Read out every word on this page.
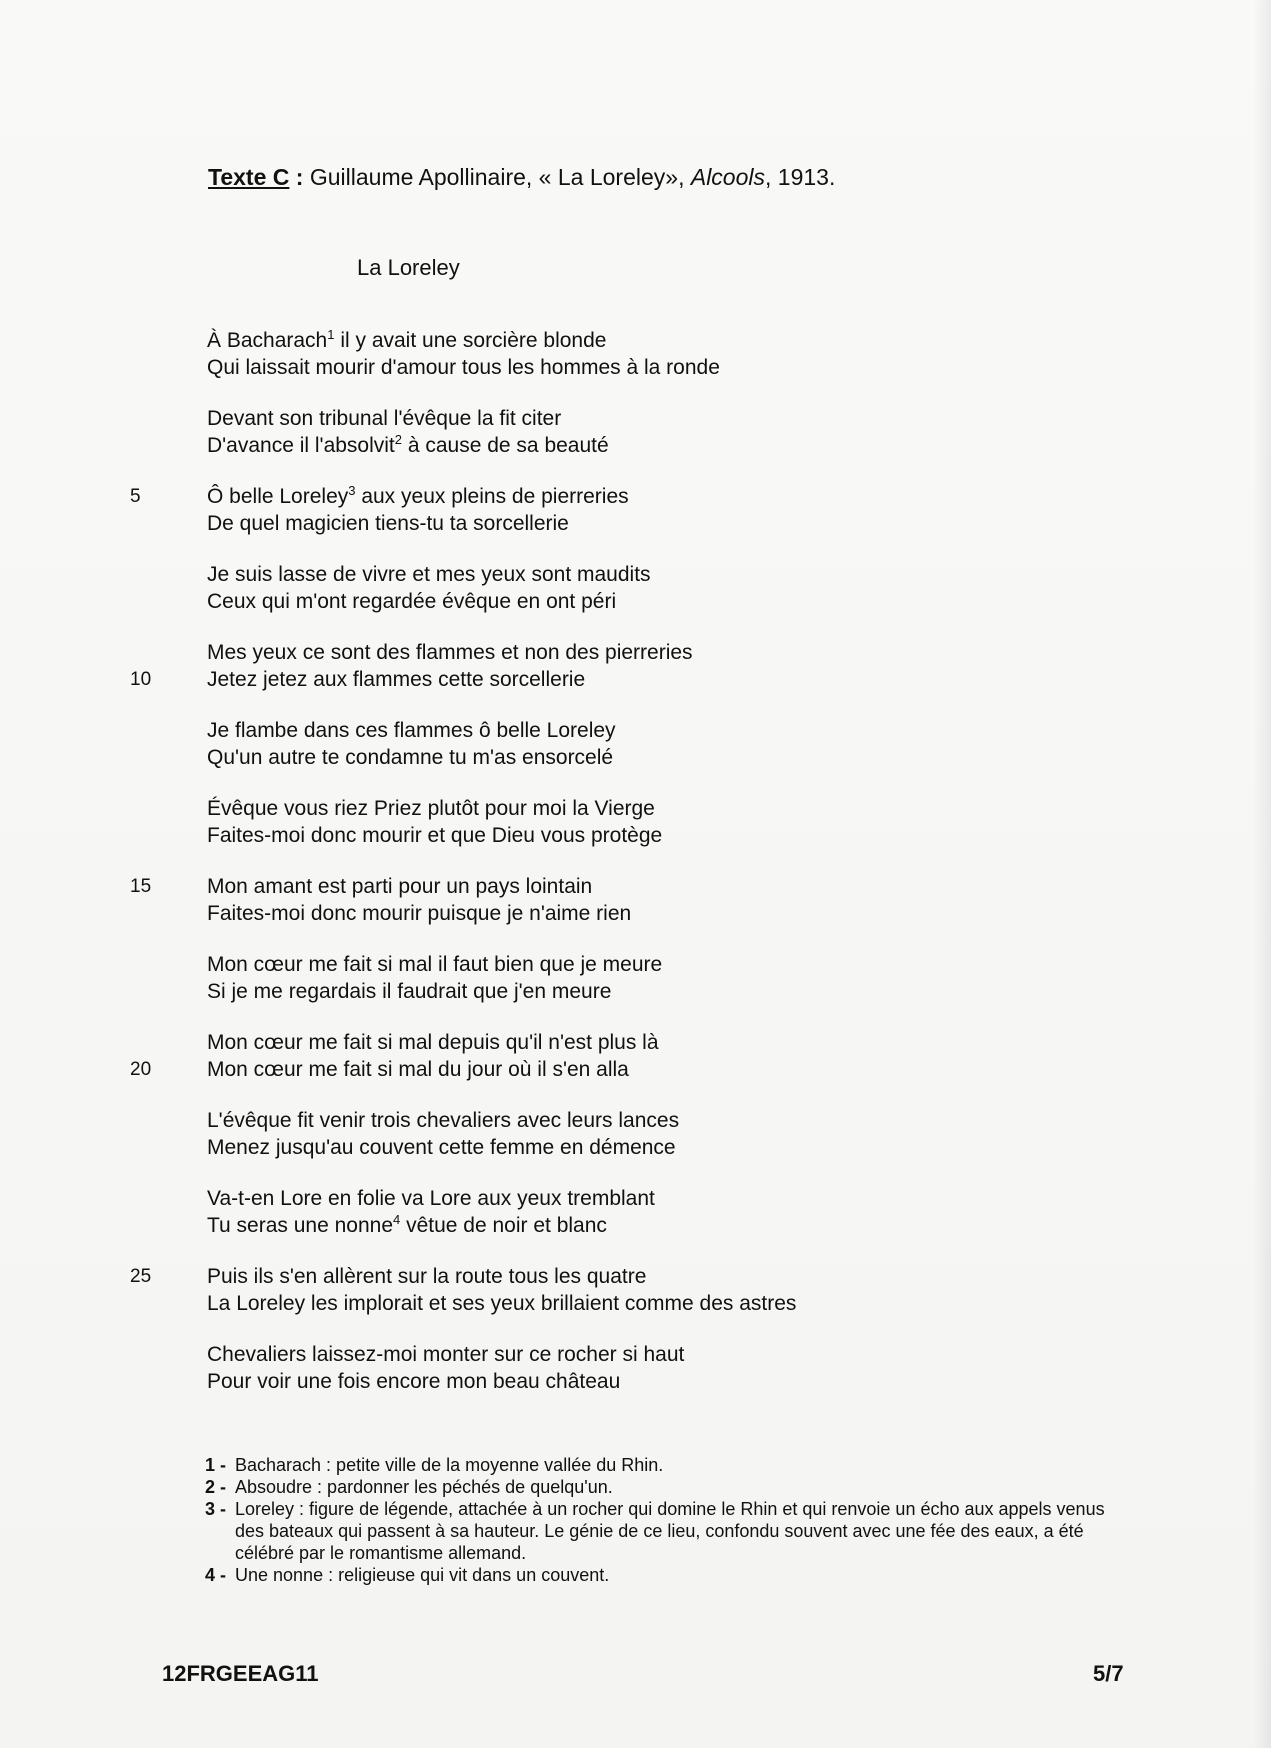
Texte C : Guillaume Apollinaire, « La Loreley», Alcools, 1913.
La Loreley
À Bacharach$^1$ il y avait une sorcière blonde
Qui laissait mourir d'amour tous les hommes à la ronde
Devant son tribunal l'évêque la fit citer
D'avance il l'absolvit$^2$ à cause de sa beauté
5	Ô belle Loreley$^3$ aux yeux pleins de pierreries
De quel magicien tiens-tu ta sorcellerie
Je suis lasse de vivre et mes yeux sont maudits
Ceux qui m'ont regardée évêque en ont péri
Mes yeux ce sont des flammes et non des pierreries
10	Jetez jetez aux flammes cette sorcellerie
Je flambe dans ces flammes ô belle Loreley
Qu'un autre te condamne tu m'as ensorcelé
Évêque vous riez Priez plutôt pour moi la Vierge
Faites-moi donc mourir et que Dieu vous protège
15	Mon amant est parti pour un pays lointain
Faites-moi donc mourir puisque je n'aime rien
Mon cœur me fait si mal il faut bien que je meure
Si je me regardais il faudrait que j'en meure
Mon cœur me fait si mal depuis qu'il n'est plus là
20	Mon cœur me fait si mal du jour où il s'en alla
L'évêque fit venir trois chevaliers avec leurs lances
Menez jusqu'au couvent cette femme en démence
Va-t-en Lore en folie va Lore aux yeux tremblant
Tu seras une nonne$^4$ vêtue de noir et blanc
25	Puis ils s'en allèrent sur la route tous les quatre
La Loreley les implorait et ses yeux brillaient comme des astres
Chevaliers laissez-moi monter sur ce rocher si haut
Pour voir une fois encore mon beau château
1 - Bacharach : petite ville de la moyenne vallée du Rhin.
2 - Absoudre : pardonner les péchés de quelqu'un.
3 - Loreley : figure de légende, attachée à un rocher qui domine le Rhin et qui renvoie un écho aux appels venus des bateaux qui passent à sa hauteur. Le génie de ce lieu, confondu souvent avec une fée des eaux, a été célébré par le romantisme allemand.
4 - Une nonne : religieuse qui vit dans un couvent.
12FRGEEAG11	5/7
